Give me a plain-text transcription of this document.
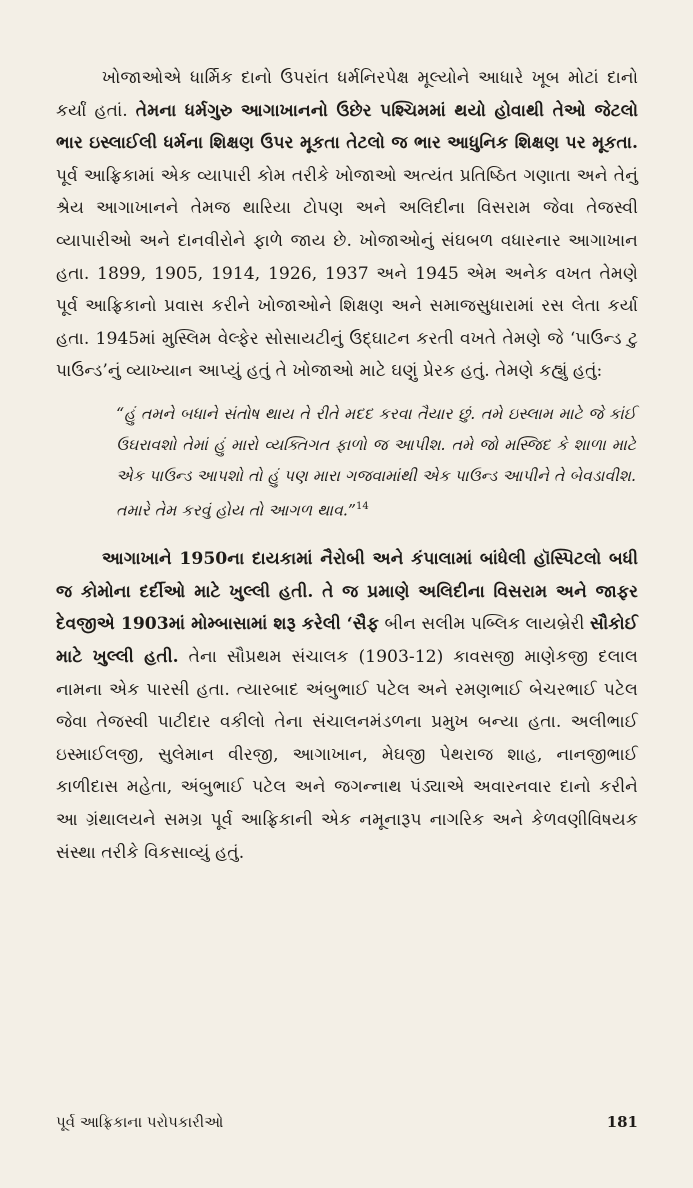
ખોજાઓએ ધાર્મિક દાનો ઉપરાંત ધર્મનિરપેક્ષ મૂલ્યોને આધારે ખૂબ મોટાં દાનો કર્યાં હતાં. તેમના ધર્મગુરુ આગાખાનનો ઉછેર પશ્ચિમમાં થયો હોવાથી તેઓ જેટલો ભાર ઇસ્લાઈલી ધર્મના શિક્ષણ ઉપર મૂકતા તેટલો જ ભાર આધુનિક શિક્ષણ પર મૂકતા. પૂર્વ આફ્રિકામાં એક વ્યાપારી કોમ તરીકે ખોજાઓ અત્યંત પ્રતિષ્ઠિત ગણાતા અને તેનું શ્રેય આગાખાનને તેમજ થારિયા ટોપણ અને અલિદીના વિસરામ જેવા તેજસ્વી વ્યાપારીઓ અને દાનવીરોને ફાળે જાય છે. ખોજાઓનું સંઘબળ વધારનાર આગાખાન હતા. 1899, 1905, 1914, 1926, 1937 અને 1945 એમ અનેક વખત તેમણે પૂર્વ આફ્રિકાનો પ્રવાસ કરીને ખોજાઓને શિક્ષણ અને સમાજસુધારામાં રસ લેતા કર્યા હતા. 1945માં મુસ્લિમ વેલ્ફેર સોસાયટીનું ઉદ્‌ઘાટન કરતી વખતે તેમણે જે ‘પાઉન્ડ ટુ પાઉન્ડ’નું વ્યાખ્યાન આપ્યું હતું તે ખોજાઓ માટે ઘણું પ્રેરક હતું. તેમણે કહ્યું હતું:

“હું તમને બધાને સંતોષ થાય તે રીતે મદદ કરવા તૈયાર છું. તમે ઇસ્લામ માટે જે કાંઈ ઉઘરાવશો તેમાં હું મારો વ્યક્તિગત ફાળો જ આપીશ. તમે જો મસ્જિદ કે શાળા માટે એક પાઉન્ડ આપશો તો હું પણ મારા ગજવામાંથી એક પાઉન્ડ આપીને તે બેવડાવીશ. તમારે તેમ કરવું હોય તો આગળ થાવ.”$^{14}$

આગાખાને 1950ના દાયકામાં નૈરોબી અને કંપાલામાં બાંધેલી હૉસ્પિટલો બધી જ કોમોના દર્દીઓ માટે ખુલ્લી હતી. તે જ પ્રમાણે અલિદીના વિસરામ અને જાફર દેવજીએ 1903માં મોમ્બાસામાં શરૂ કરેલી ‘સૈફ બીન સલીમ પબ્લિક લાયબ્રેરી સૌકોઈ માટે ખુલ્લી હતી. તેના સૌપ્રથમ સંચાલક (1903-12) કાવસજી માણેકજી દલાલ નામના એક પારસી હતા. ત્યારબાદ અંબુભાઈ પટેલ અને રમણભાઈ બેચરભાઈ પટેલ જેવા તેજસ્વી પાટીદાર વકીલો તેના સંચાલનમંડળના પ્રમુખ બન્યા હતા. અલીભાઈ ઇસ્માઈલજી, સુલેમાન વીરજી, આગાખાન, મેઘજી પેથરાજ શાહ, નાનજીભાઈ કાળીદાસ મહેતા, અંબુભાઈ પટેલ અને જગન્નાથ પંડ્યાએ અવારનવાર દાનો કરીને આ ગ્રંથાલયને સમગ્ર પૂર્વ આફ્રિકાની એક નમૂનારૂપ નાગરિક અને કેળવણીવિષયક સંસ્થા તરીકે વિકસાવ્યું હતું.

પૂર્વ આફ્રિકાના પરોપકારીઓ	181
